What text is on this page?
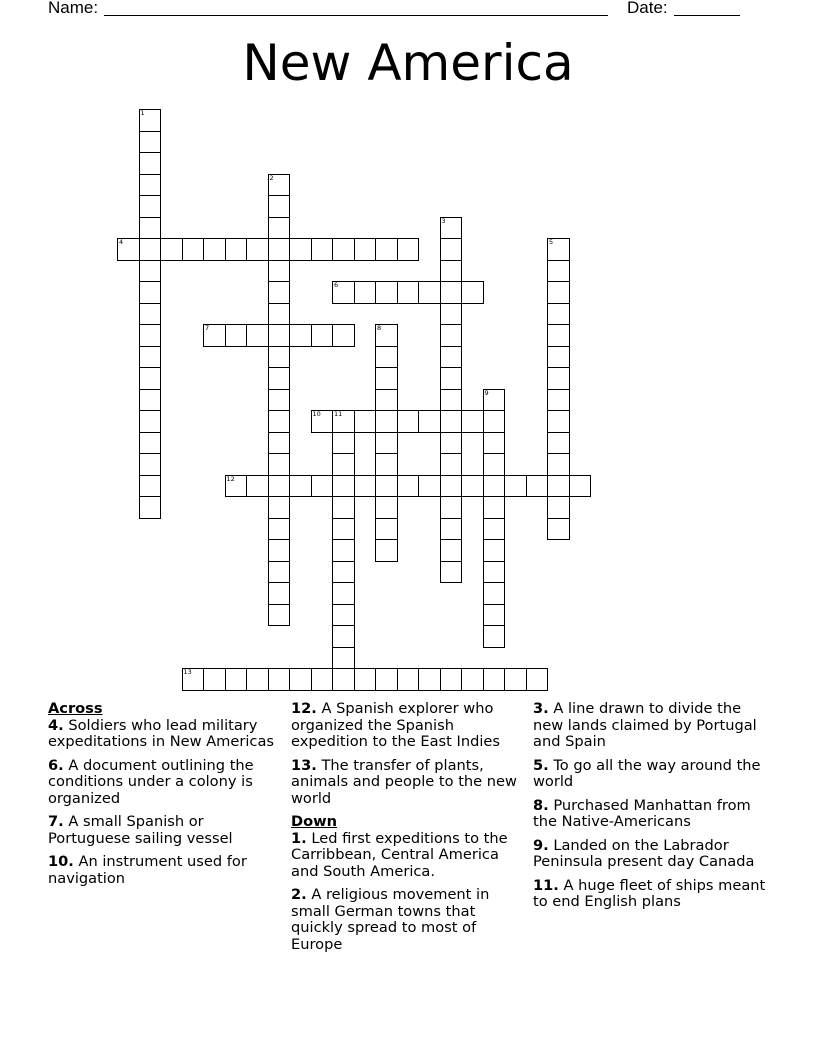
Name:	Date:
New America
1
2
3
4	5
6
7	8
9
10 11
12
13
Across
4. Soldiers who lead military expeditations in New Americas
6. A document outlining the conditions under a colony is organized
7. A small Spanish or Portuguese sailing vessel
10. An instrument used for navigation
12. A Spanish explorer who organized the Spanish expedition to the East Indies
13. The transfer of plants, animals and people to the new world
Down
1. Led first expeditions to the Carribbean, Central America and South America.
2. A religious movement in small German towns that quickly spread to most of Europe
3. A line drawn to divide the new lands claimed by Portugal and Spain
5. To go all the way around the world
8. Purchased Manhattan from the Native-Americans
9. Landed on the Labrador Peninsula present day Canada
11. A huge fleet of ships meant to end English plans
